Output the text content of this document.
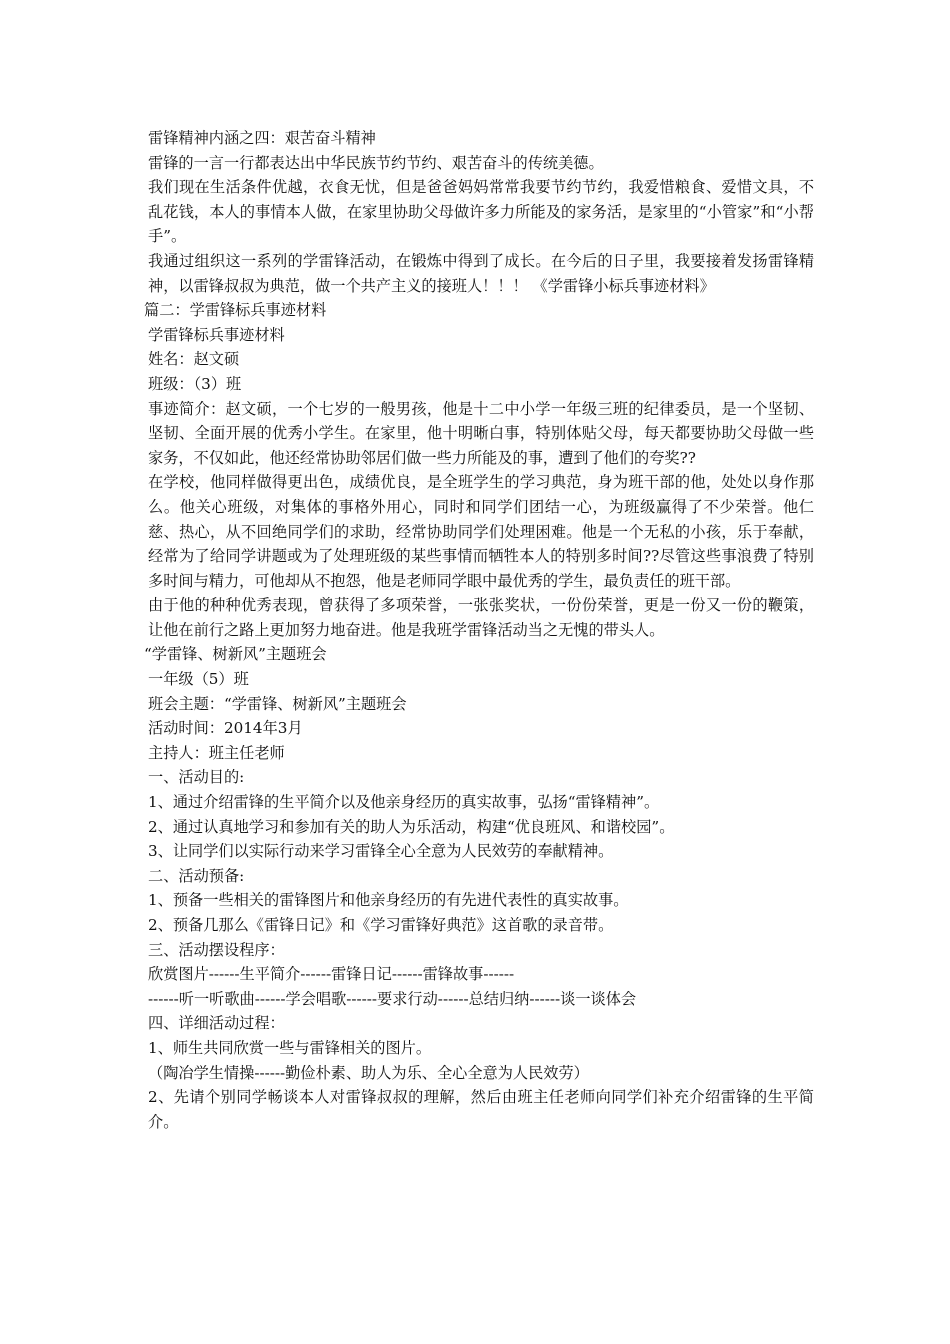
雷锋精神内涵之四：艰苦奋斗精神

雷锋的一言一行都表达出中华民族节约节约、艰苦奋斗的传统美德。

我们现在生活条件优越，衣食无忧，但是爸爸妈妈常常我要节约节约，我爱惜粮食、爱惜文具，不乱花钱，本人的事情本人做，在家里协助父母做许多力所能及的家务活，是家里的“小管家”和“小帮手”。

我通过组织这一系列的学雷锋活动，在锻炼中得到了成长。在今后的日子里，我要接着发扬雷锋精神，以雷锋叔叔为典范，做一个共产主义的接班人！！！ 《学雷锋小标兵事迹材料》

篇二：学雷锋标兵事迹材料

学雷锋标兵事迹材料

姓名：赵文硕

班级：（3）班

事迹简介：赵文硕，一个七岁的一般男孩，他是十二中小学一年级三班的纪律委员，是一个坚韧、坚韧、全面开展的优秀小学生。在家里，他十明晰白事，特别体贴父母，每天都要协助父母做一些家务，不仅如此，他还经常协助邻居们做一些力所能及的事，遭到了他们的夸奖??

在学校，他同样做得更出色，成绩优良，是全班学生的学习典范，身为班干部的他，处处以身作那么。他关心班级，对集体的事格外用心，同时和同学们团结一心，为班级赢得了不少荣誉。他仁慈、热心，从不回绝同学们的求助，经常协助同学们处理困难。他是一个无私的小孩，乐于奉献，经常为了给同学讲题或为了处理班级的某些事情而牺牲本人的特别多时间??尽管这些事浪费了特别多时间与精力，可他却从不抱怨，他是老师同学眼中最优秀的学生，最负责任的班干部。

由于他的种种优秀表现，曾获得了多项荣誉，一张张奖状，一份份荣誉，更是一份又一份的鞭策，让他在前行之路上更加努力地奋进。他是我班学雷锋活动当之无愧的带头人。

“学雷锋、树新风”主题班会

一年级（5）班

班会主题：“学雷锋、树新风”主题班会

活动时间：2014年3月

主持人：班主任老师

一、活动目的:

1、通过介绍雷锋的生平简介以及他亲身经历的真实故事，弘扬“雷锋精神”。

2、通过认真地学习和参加有关的助人为乐活动，构建“优良班风、和谐校园”。

3、让同学们以实际行动来学习雷锋全心全意为人民效劳的奉献精神。

二、活动预备:

1、预备一些相关的雷锋图片和他亲身经历的有先进代表性的真实故事。

2、预备几那么《雷锋日记》和《学习雷锋好典范》这首歌的录音带。

三、活动摆设程序：

欣赏图片------生平简介------雷锋日记------雷锋故事------

------听一听歌曲------学会唱歌------要求行动------总结归纳------谈一谈体会

四、详细活动过程：

1、师生共同欣赏一些与雷锋相关的图片。

（陶冶学生情操------勤俭朴素、助人为乐、全心全意为人民效劳）

2、先请个别同学畅谈本人对雷锋叔叔的理解，然后由班主任老师向同学们补充介绍雷锋的生平简介。
